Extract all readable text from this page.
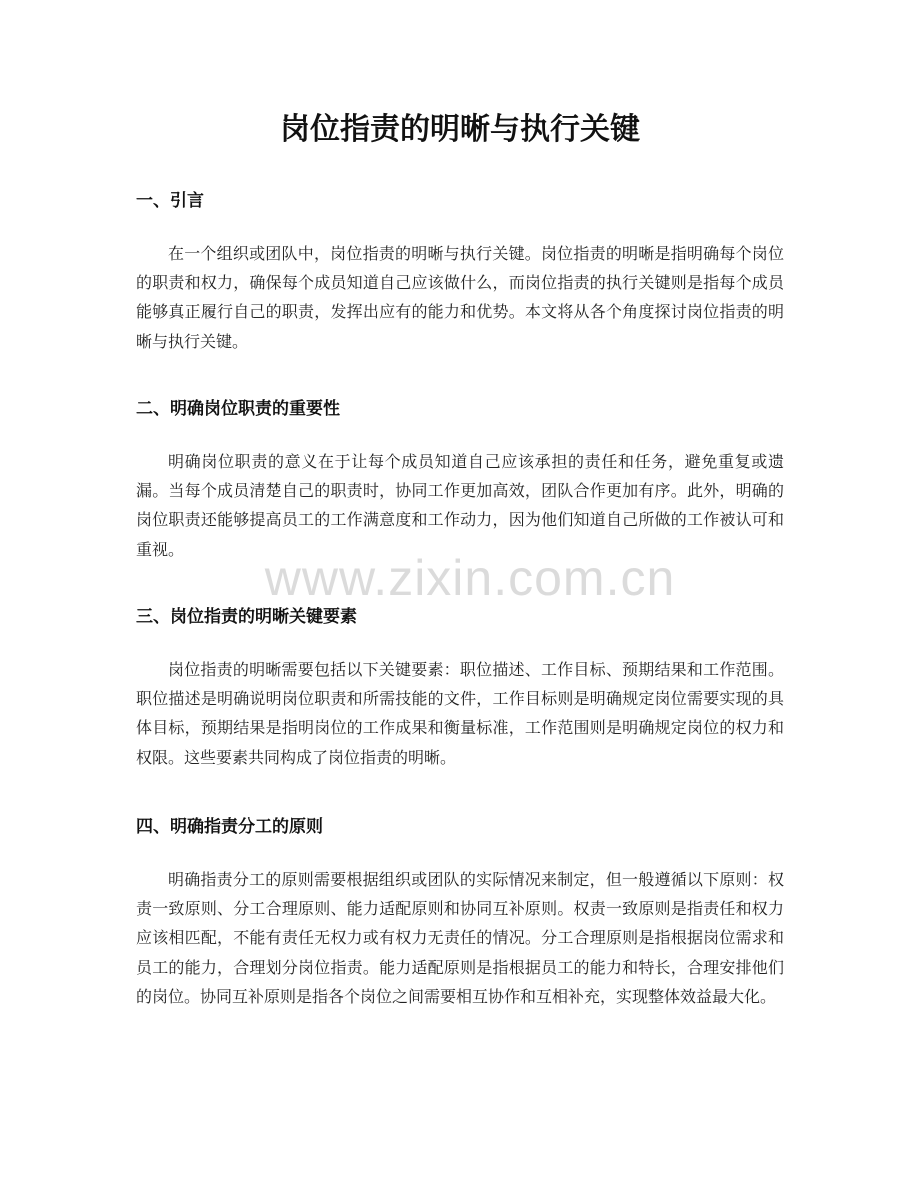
岗位指责的明晰与执行关键
一、引言

在一个组织或团队中，岗位指责的明晰与执行关键。岗位指责的明晰是指明确每个岗位的职责和权力，确保每个成员知道自己应该做什么，而岗位指责的执行关键则是指每个成员能够真正履行自己的职责，发挥出应有的能力和优势。本文将从各个角度探讨岗位指责的明晰与执行关键。

二、明确岗位职责的重要性

明确岗位职责的意义在于让每个成员知道自己应该承担的责任和任务，避免重复或遗漏。当每个成员清楚自己的职责时，协同工作更加高效，团队合作更加有序。此外，明确的岗位职责还能够提高员工的工作满意度和工作动力，因为他们知道自己所做的工作被认可和重视。

三、岗位指责的明晰关键要素

岗位指责的明晰需要包括以下关键要素：职位描述、工作目标、预期结果和工作范围。职位描述是明确说明岗位职责和所需技能的文件，工作目标则是明确规定岗位需要实现的具体目标，预期结果是指明岗位的工作成果和衡量标准，工作范围则是明确规定岗位的权力和权限。这些要素共同构成了岗位指责的明晰。

四、明确指责分工的原则

明确指责分工的原则需要根据组织或团队的实际情况来制定，但一般遵循以下原则：权责一致原则、分工合理原则、能力适配原则和协同互补原则。权责一致原则是指责任和权力应该相匹配，不能有责任无权力或有权力无责任的情况。分工合理原则是指根据岗位需求和员工的能力，合理划分岗位指责。能力适配原则是指根据员工的能力和特长，合理安排他们的岗位。协同互补原则是指各个岗位之间需要相互协作和互相补充，实现整体效益最大化。

www.zixin.com.cn
